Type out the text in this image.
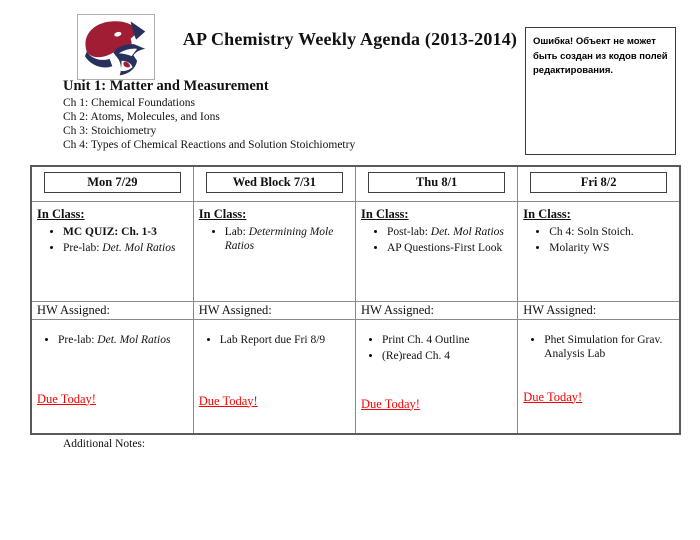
AP Chemistry Weekly Agenda (2013-2014)	Ошибка! Объект не может быть создан из кодов полей редактирования.
Unit 1: Matter and Measurement
Ch 1: Chemical Foundations
Ch 2: Atoms, Molecules, and Ions
Ch 3: Stoichiometry
Ch 4: Types of Chemical Reactions and Solution Stoichiometry
Mon 7/29	Wed Block 7/31	Thu 8/1	Fri 8/2

In Class:
• MC QUIZ: Ch. 1-3
• Pre-lab: Det. Mol Ratios

In Class:
• Lab: Determining Mole Ratios

In Class:
• Post-lab: Det. Mol Ratios
• AP Questions-First Look

In Class:
• Ch 4: Soln Stoich.
• Molarity WS

HW Assigned:	HW Assigned:	HW Assigned:	HW Assigned:

• Pre-lab: Det. Mol Ratios
Due Today!

• Lab Report due Fri 8/9
Due Today!

• Print Ch. 4 Outline
• (Re)read Ch. 4
Due Today!

• Phet Simulation for Grav. Analysis Lab
Due Today!
Additional Notes:
